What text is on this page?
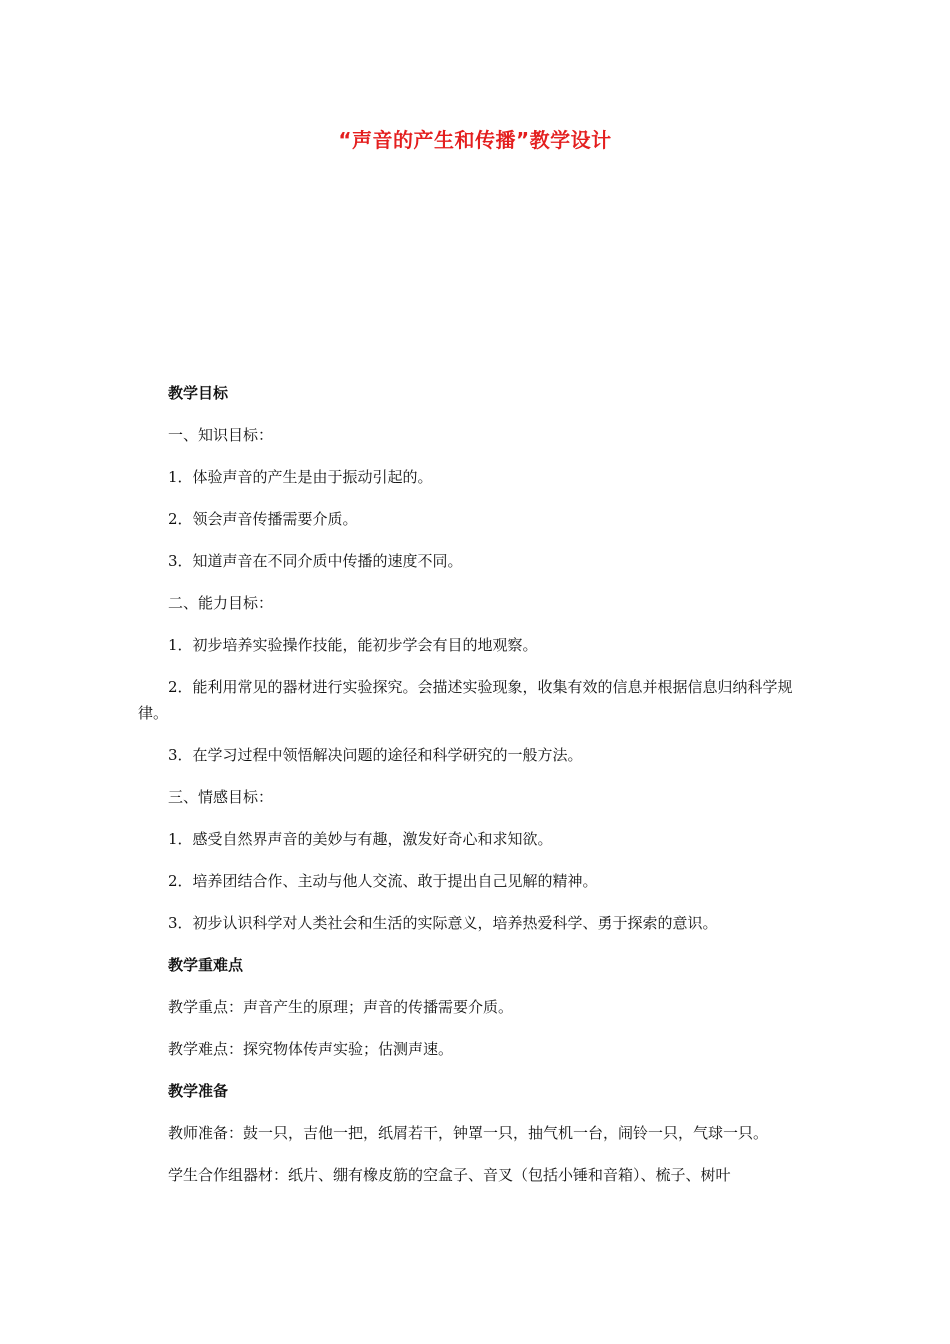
“声音的产生和传播”教学设计
教学目标
一、知识目标：
1．体验声音的产生是由于振动引起的。
2．领会声音传播需要介质。
3．知道声音在不同介质中传播的速度不同。
二、能力目标：
1．初步培养实验操作技能，能初步学会有目的地观察。
2．能利用常见的器材进行实验探究。会描述实验现象，收集有效的信息并根据信息归纳科学规律。
3．在学习过程中领悟解决问题的途径和科学研究的一般方法。
三、情感目标：
1．感受自然界声音的美妙与有趣，激发好奇心和求知欲。
2．培养团结合作、主动与他人交流、敢于提出自己见解的精神。
3．初步认识科学对人类社会和生活的实际意义，培养热爱科学、勇于探索的意识。
教学重难点
教学重点：声音产生的原理；声音的传播需要介质。
教学难点：探究物体传声实验；估测声速。
教学准备
教师准备：鼓一只，吉他一把，纸屑若干，钟罩一只，抽气机一台，闹铃一只，气球一只。
学生合作组器材：纸片、绷有橡皮筋的空盒子、音叉（包括小锤和音箱）、梳子、树叶
